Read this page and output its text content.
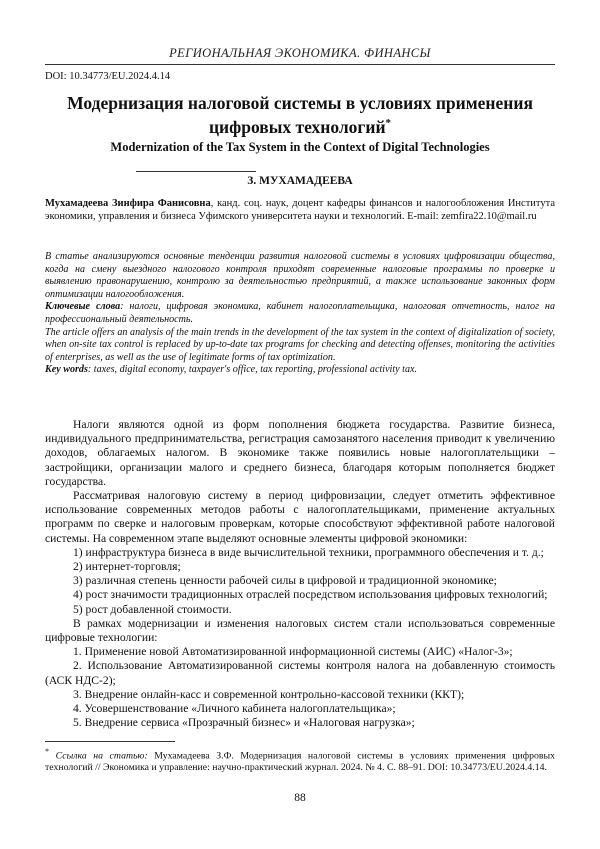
РЕГИОНАЛЬНАЯ ЭКОНОМИКА. ФИНАНСЫ
DOI: 10.34773/EU.2024.4.14
Модернизация налоговой системы в условиях применения цифровых технологий*
Modernization of the Tax System in the Context of Digital Technologies
З. МУХАМАДЕЕВА
Мухамадеева Зинфира Фанисовна, канд. соц. наук, доцент кафедры финансов и налогообложения Института экономики, управления и бизнеса Уфимского университета науки и технологий. E-mail: zemfira22.10@mail.ru

В статье анализируются основные тенденции развития налоговой системы в условиях цифровизации общества, когда на смену выездного налогового контроля приходят современные налоговые программы по проверке и выявлению правонарушению, контролю за деятельностью предприятий, а также использование законных форм оптимизации налогообложения.

Ключевые слова: налоги, цифровая экономика, кабинет налогоплательщика, налоговая отчетность, налог на профессиональный деятельность.

The article offers an analysis of the main trends in the development of the tax system in the context of digitalization of society, when on-site tax control is replaced by up-to-date tax programs for checking and detecting offenses, monitoring the activities of enterprises, as well as the use of legitimate forms of tax optimization.

Key words: taxes, digital economy, taxpayer's office, tax reporting, professional activity tax.

Налоги являются одной из форм пополнения бюджета государства. Развитие бизнеса, индивидуального предпринимательства, регистрация самозанятого населения приводит к увеличению доходов, облагаемых налогом. В экономике также появились новые налогоплательщики – застройщики, организации малого и среднего бизнеса, благодаря которым пополняется бюджет государства.

Рассматривая налоговую систему в период цифровизации, следует отметить эффективное использование современных методов работы с налогоплательщиками, применение актуальных программ по сверке и налоговым проверкам, которые способствуют эффективной работе налоговой системы. На современном этапе выделяют основные элементы цифровой экономики:

1) инфраструктура бизнеса в виде вычислительной техники, программного обеспечения и т. д.;

2) интернет-торговля;

3) различная степень ценности рабочей силы в цифровой и традиционной экономике;

4) рост значимости традиционных отраслей посредством использования цифровых технологий;

5) рост добавленной стоимости.

В рамках модернизации и изменения налоговых систем стали использоваться современные цифровые технологии:

1. Применение новой Автоматизированной информационной системы (АИС) «Налог-3»;

2. Использование Автоматизированной системы контроля налога на добавленную стоимость (АСК НДС-2);

3. Внедрение онлайн-касс и современной контрольно-кассовой техники (ККТ);

4. Усовершенствование «Личного кабинета налогоплательщика»;

5. Внедрение сервиса «Прозрачный бизнес» и «Налоговая нагрузка»;

* Ссылка на статью: Мухамадеева З.Ф. Модернизация налоговой системы в условиях применения цифровых технологий // Экономика и управление: научно-практический журнал. 2024. № 4. С. 88–91. DOI: 10.34773/EU.2024.4.14.
88
